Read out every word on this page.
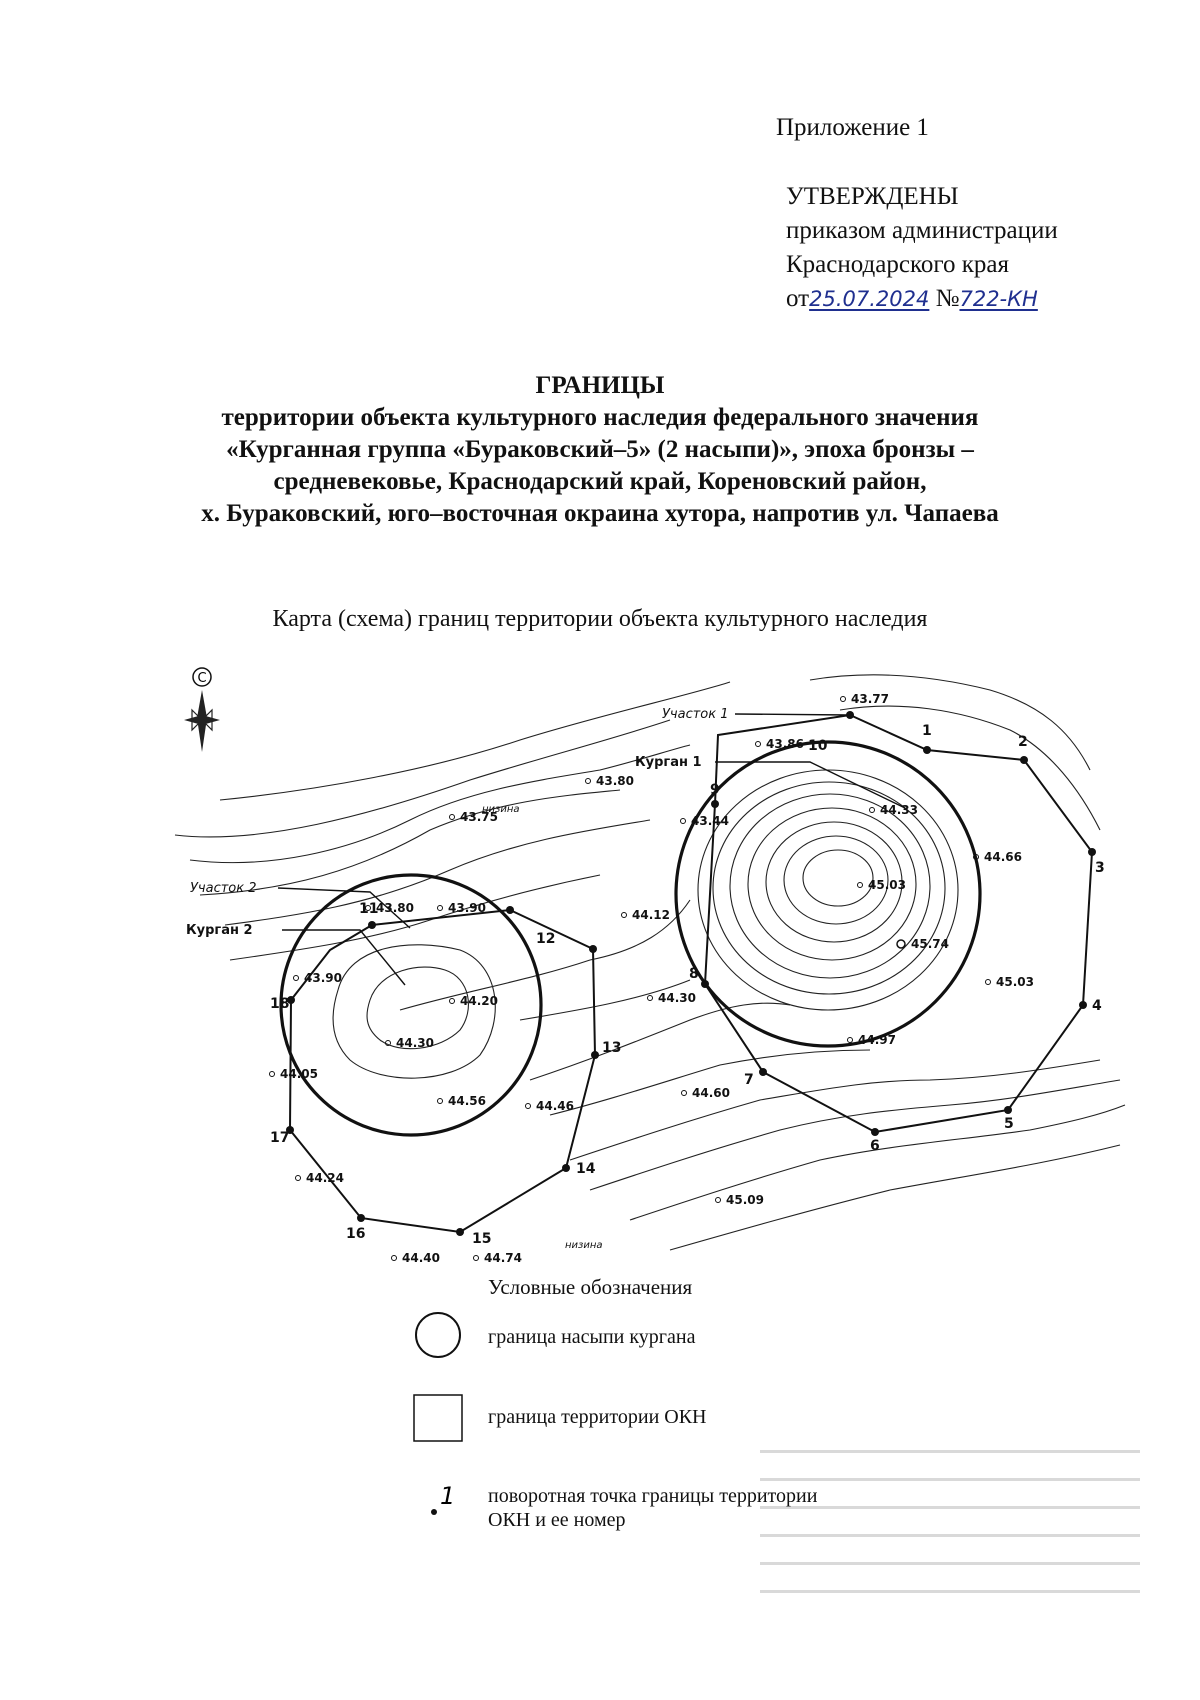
Приложение 1
УТВЕРЖДЕНЫ
приказом администрации
Краснодарского края
от25.07.2024 №722-КН
ГРАНИЦЫ
территории объекта культурного наследия федерального значения
«Курганная группа «Бураковский–5» (2 насыпи)», эпоха бронзы –
средневековье, Краснодарский край, Кореновский район,
х. Бураковский, юго–восточная окраина хутора, напротив ул. Чапаева
Карта (схема) границ территории объекта культурного наследия
С
1
2
3
4
5
6
7
8
9
10
11
12
13
14
15
16
17
18
Участок 1
Курган 1
Участок 2
Курган 2
низина
низина
43.77
43.86
43.80
43.75	43.44
44.33
44.66
45.03
45.74
45.03
44.97
44.12
43.80	43.90
44.20	44.30
44.30
44.05
44.56	44.46
44.60
44.24
45.09
44.74
44.40
43.90
Условные обозначения
граница насыпи кургана
граница территории ОКН
1 поворотная точка границы территории
ОКН и ее номер
